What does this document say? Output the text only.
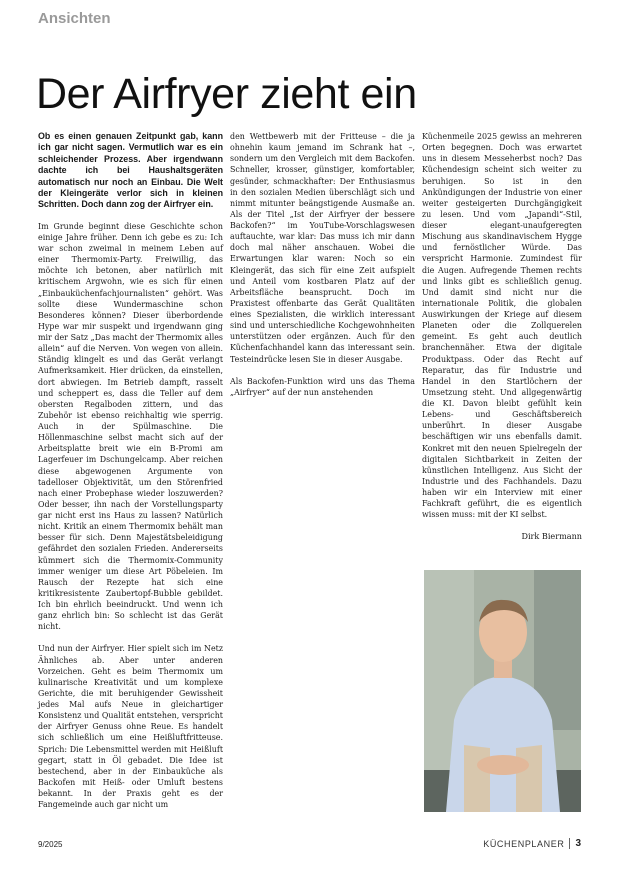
Ansichten
Der Airfryer zieht ein

Ob es einen genauen Zeitpunkt gab, kann ich gar nicht sagen. Vermutlich war es ein schleichender Prozess. Aber irgendwann dachte ich bei Haushaltsgeräten automatisch nur noch an Einbau. Die Welt der Kleingeräte verlor sich in kleinen Schritten. Doch dann zog der Airfryer ein.

Im Grunde beginnt diese Geschichte schon einige Jahre früher. Denn ich gebe es zu: Ich war schon zweimal in meinem Leben auf einer Thermomix-Party. Freiwillig, das möchte ich betonen, aber natürlich mit kritischem Argwohn, wie es sich für einen „Einbauküchenfachjournalisten“ gehört. Was sollte diese Wundermaschine schon Besonderes können? Dieser überbordende Hype war mir suspekt und irgendwann ging mir der Satz „Das macht der Thermomix alles allein“ auf die Nerven. Von wegen von allein. Ständig klingelt es und das Gerät verlangt Aufmerksamkeit. Hier drücken, da einstellen, dort abwiegen. Im Betrieb dampft, rasselt und scheppert es, dass die Teller auf dem obersten Regalboden zittern, und das Zubehör ist ebenso reichhaltig wie sperrig. Auch in der Spülmaschine. Die Höllenmaschine selbst macht sich auf der Arbeitsplatte breit wie ein B-Promi am Lagerfeuer im Dschungelcamp. Aber reichen diese abgewogenen Argumente von tadelloser Objektivität, um den Störenfried nach einer Probephase wieder loszuwerden? Oder besser, ihn nach der Vorstellungsparty gar nicht erst ins Haus zu lassen? Natürlich nicht. Kritik an einem Thermomix behält man besser für sich. Denn Majestätsbeleidigung gefährdet den sozialen Frieden. Andererseits kümmert sich die Thermomix-Community immer weniger um diese Art Pöbeleien. Im Rausch der Rezepte hat sich eine kritikresistente Zaubertopf-Bubble gebildet. Ich bin ehrlich beeindruckt. Und wenn ich ganz ehrlich bin: So schlecht ist das Gerät nicht.

Und nun der Airfryer. Hier spielt sich im Netz Ähnliches ab. Aber unter anderen Vorzeichen. Geht es beim Thermomix um kulinarische Kreativität und um komplexe Gerichte, die mit beruhigender Gewissheit jedes Mal aufs Neue in gleichartiger Konsistenz und Qualität entstehen, verspricht der Airfryer Genuss ohne Reue. Es handelt sich schließlich um eine Heißluftfritteuse. Sprich: Die Lebensmittel werden mit Heißluft gegart, statt in Öl gebadet. Die Idee ist bestechend, aber in der Einbauküche als Backofen mit Heiß- oder Umluft bestens bekannt. In der Praxis geht es der Fangemeinde auch gar nicht um

den Wettbewerb mit der Fritteuse – die ja ohnehin kaum jemand im Schrank hat –, sondern um den Vergleich mit dem Backofen. Schneller, krosser, günstiger, komfortabler, gesünder, schmackhafter: Der Enthusiasmus in den sozialen Medien überschlägt sich und nimmt mitunter beängstigende Ausmaße an. Als der Titel „Ist der Airfryer der bessere Backofen?“ im YouTube-Vorschlagswesen auftauchte, war klar: Das muss ich mir dann doch mal näher anschauen. Wobei die Erwartungen klar waren: Noch so ein Kleingerät, das sich für eine Zeit aufspielt und Anteil vom kostbaren Platz auf der Arbeitsfläche beansprucht. Doch im Praxistest offenbarte das Gerät Qualitäten eines Spezialisten, die wirklich interessant sind und unterschiedliche Kochgewohnheiten unterstützen oder ergänzen. Auch für den Küchenfachhandel kann das interessant sein. Testeindrücke lesen Sie in dieser Ausgabe.

Als Backofen-Funktion wird uns das Thema „Airfryer“ auf der nun anstehenden

Küchenmeile 2025 gewiss an mehreren Orten begegnen. Doch was erwartet uns in diesem Messeherbst noch? Das Küchendesign scheint sich weiter zu beruhigen. So ist in den Ankündigungen der Industrie von einer weiter gesteigerten Durchgängigkeit zu lesen. Und vom „Japandi“-Stil, dieser elegant-unaufgeregten Mischung aus skandinavischem Hygge und fernöstlicher Würde. Das verspricht Harmonie. Zumindest für die Augen. Aufregende Themen rechts und links gibt es schließlich genug. Und damit sind nicht nur die internationale Politik, die globalen Auswirkungen der Kriege auf diesem Planeten oder die Zollquerelen gemeint. Es geht auch deutlich branchennäher. Etwa der digitale Produktpass. Oder das Recht auf Reparatur, das für Industrie und Handel in den Startlöchern der Umsetzung steht. Und allgegenwärtig die KI. Davon bleibt gefühlt kein Lebens- und Geschäftsbereich unberührt. In dieser Ausgabe beschäftigen wir uns ebenfalls damit. Konkret mit den neuen Spielregeln der digitalen Sichtbarkeit in Zeiten der künstlichen Intelligenz. Aus Sicht der Industrie und des Fachhandels. Dazu haben wir ein Interview mit einer Fachkraft geführt, die es eigentlich wissen muss: mit der KI selbst.

Dirk Biermann

9/2025	KÜCHENPLANER 3
